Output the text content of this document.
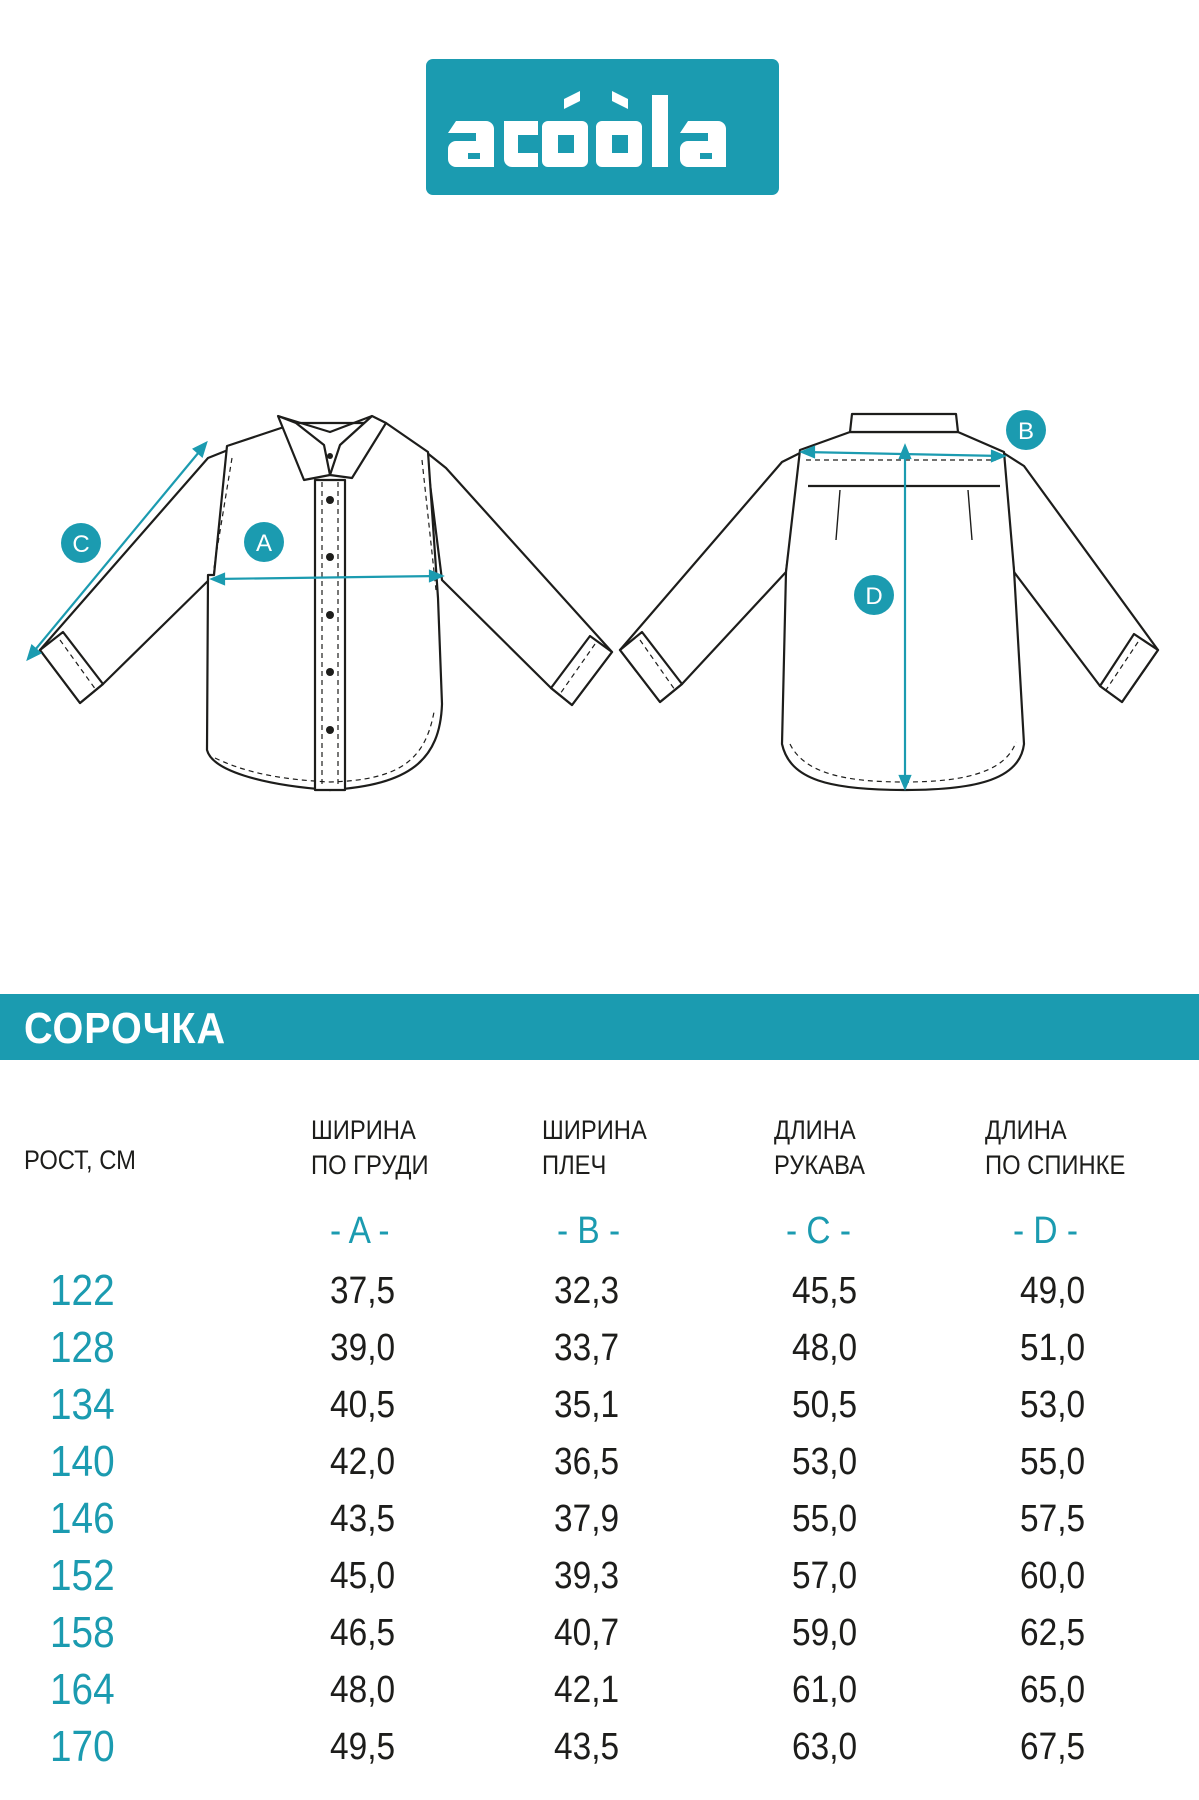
A
B
C
D
СОРОЧКА
РОСТ, СМ
ШИРИНА
ПО ГРУДИ
ШИРИНА
ПЛЕЧ
ДЛИНА
РУКАВА
ДЛИНА
ПО СПИНКЕ
- A -	- B -	- C -	- D -
122	37,5	32,3	45,5	49,0
128	39,0	33,7	48,0	51,0
134	40,5	35,1	50,5	53,0
140	42,0	36,5	53,0	55,0
146	43,5	37,9	55,0	57,5
152	45,0	39,3	57,0	60,0
158	46,5	40,7	59,0	62,5
164	48,0	42,1	61,0	65,0
170	49,5	43,5	63,0	67,5
